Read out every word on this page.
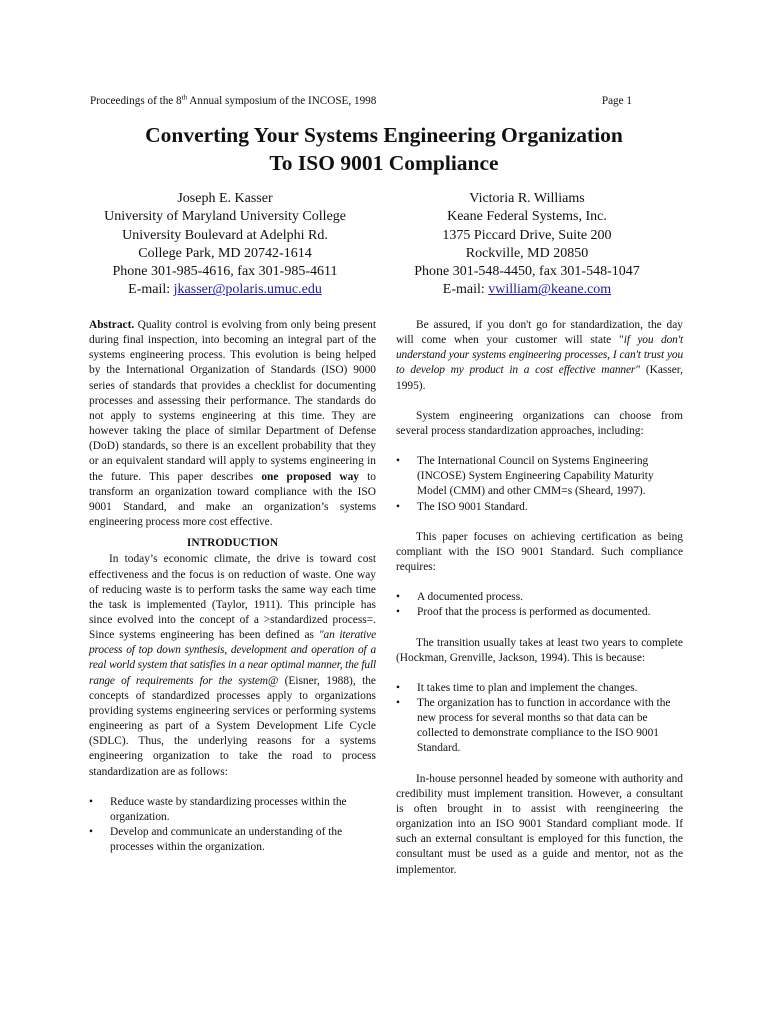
Proceedings of the 8th Annual symposium of the INCOSE, 1998	Page 1
Converting Your Systems Engineering Organization
To ISO 9001 Compliance
Joseph E. Kasser
University of Maryland University College
University Boulevard at Adelphi Rd.
College Park, MD 20742-1614
Phone 301-985-4616, fax 301-985-4611
E-mail: jkasser@polaris.umuc.edu
Victoria R. Williams
Keane Federal Systems, Inc.
1375 Piccard Drive, Suite 200
Rockville, MD 20850
Phone 301-548-4450, fax 301-548-1047
E-mail: vwilliam@keane.com

Abstract. Quality control is evolving from only being present during final inspection, into becoming an integral part of the systems engineering process. This evolution is being helped by the International Organization of Standards (ISO) 9000 series of standards that provides a checklist for documenting processes and assessing their performance. The standards do not apply to systems engineering at this time. They are however taking the place of similar Department of Defense (DoD) standards, so there is an excellent probability that they or an equivalent standard will apply to systems engineering in the future. This paper describes one proposed way to transform an organization toward compliance with the ISO 9001 Standard, and make an organization’s systems engineering process more cost effective.

INTRODUCTION

In today’s economic climate, the drive is toward cost effectiveness and the focus is on reduction of waste. One way of reducing waste is to perform tasks the same way each time the task is implemented (Taylor, 1911). This principle has since evolved into the concept of a >standardized process=. Since systems engineering has been defined as "an iterative process of top down synthesis, development and operation of a real world system that satisfies in a near optimal manner, the full range of requirements for the system@ (Eisner, 1988), the concepts of standardized processes apply to organizations providing systems engineering services or performing systems engineering as part of a System Development Life Cycle (SDLC). Thus, the underlying reasons for a systems engineering organization to take the road to process standardization are as follows:

• Reduce waste by standardizing processes within the organization.
• Develop and communicate an understanding of the processes within the organization.

Be assured, if you don't go for standardization, the day will come when your customer will state "if you don't understand your systems engineering processes, I can't trust you to develop my product in a cost effective manner" (Kasser, 1995).

System engineering organizations can choose from several process standardization approaches, including:

• The International Council on Systems Engineering (INCOSE) System Engineering Capability Maturity Model (CMM) and other CMM=s (Sheard, 1997).
• The ISO 9001 Standard.

This paper focuses on achieving certification as being compliant with the ISO 9001 Standard. Such compliance requires:

• A documented process.
• Proof that the process is performed as documented.

The transition usually takes at least two years to complete (Hockman, Grenville, Jackson, 1994). This is because:

• It takes time to plan and implement the changes.
• The organization has to function in accordance with the new process for several months so that data can be collected to demonstrate compliance to the ISO 9001 Standard.

In-house personnel headed by someone with authority and credibility must implement transition. However, a consultant is often brought in to assist with reengineering the organization into an ISO 9001 Standard compliant mode. If such an external consultant is employed for this function, the consultant must be used as a guide and mentor, not as the implementor.
